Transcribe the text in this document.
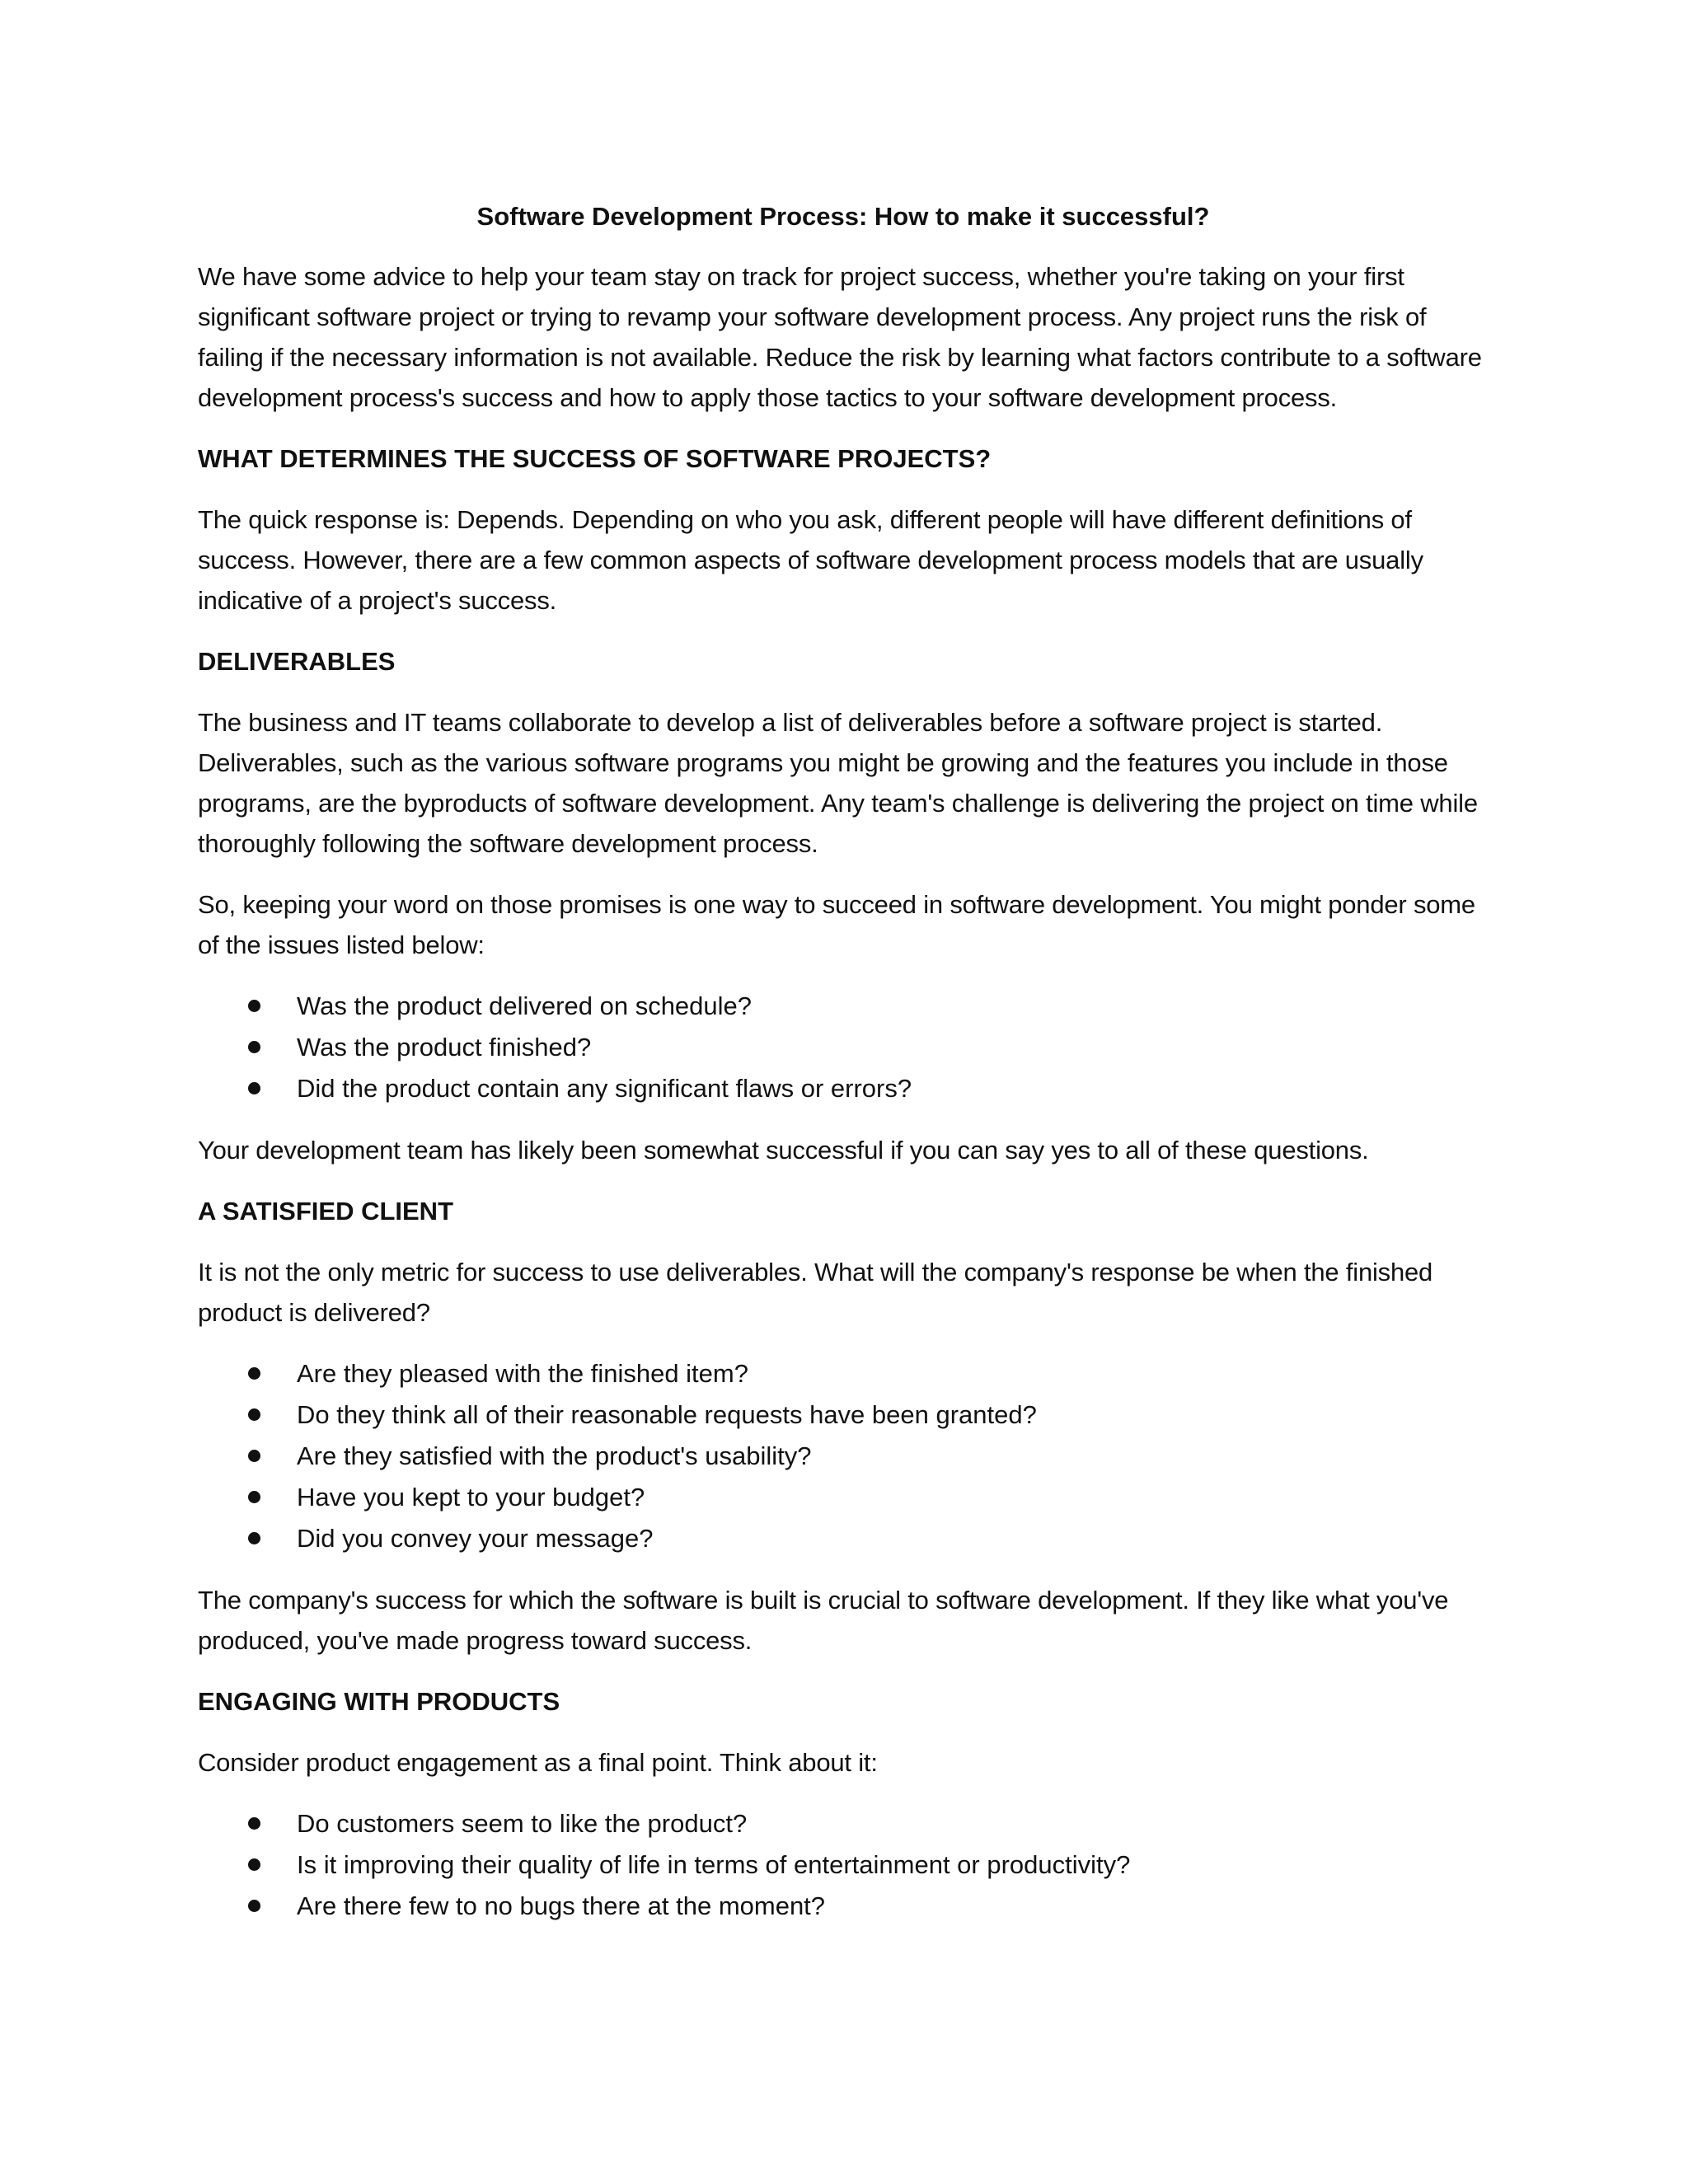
Software Development Process: How to make it successful?

We have some advice to help your team stay on track for project success, whether you're taking on your first significant software project or trying to revamp your software development process. Any project runs the risk of failing if the necessary information is not available. Reduce the risk by learning what factors contribute to a software development process's success and how to apply those tactics to your software development process.

WHAT DETERMINES THE SUCCESS OF SOFTWARE PROJECTS?

The quick response is: Depends. Depending on who you ask, different people will have different definitions of success. However, there are a few common aspects of software development process models that are usually indicative of a project's success.

DELIVERABLES

The business and IT teams collaborate to develop a list of deliverables before a software project is started. Deliverables, such as the various software programs you might be growing and the features you include in those programs, are the byproducts of software development. Any team's challenge is delivering the project on time while thoroughly following the software development process.

So, keeping your word on those promises is one way to succeed in software development. You might ponder some of the issues listed below:

Was the product delivered on schedule?
Was the product finished?
Did the product contain any significant flaws or errors?

Your development team has likely been somewhat successful if you can say yes to all of these questions.

A SATISFIED CLIENT

It is not the only metric for success to use deliverables. What will the company's response be when the finished product is delivered?

Are they pleased with the finished item?
Do they think all of their reasonable requests have been granted?
Are they satisfied with the product's usability?
Have you kept to your budget?
Did you convey your message?

The company's success for which the software is built is crucial to software development. If they like what you've produced, you've made progress toward success.

ENGAGING WITH PRODUCTS

Consider product engagement as a final point. Think about it:

Do customers seem to like the product?
Is it improving their quality of life in terms of entertainment or productivity?
Are there few to no bugs there at the moment?
